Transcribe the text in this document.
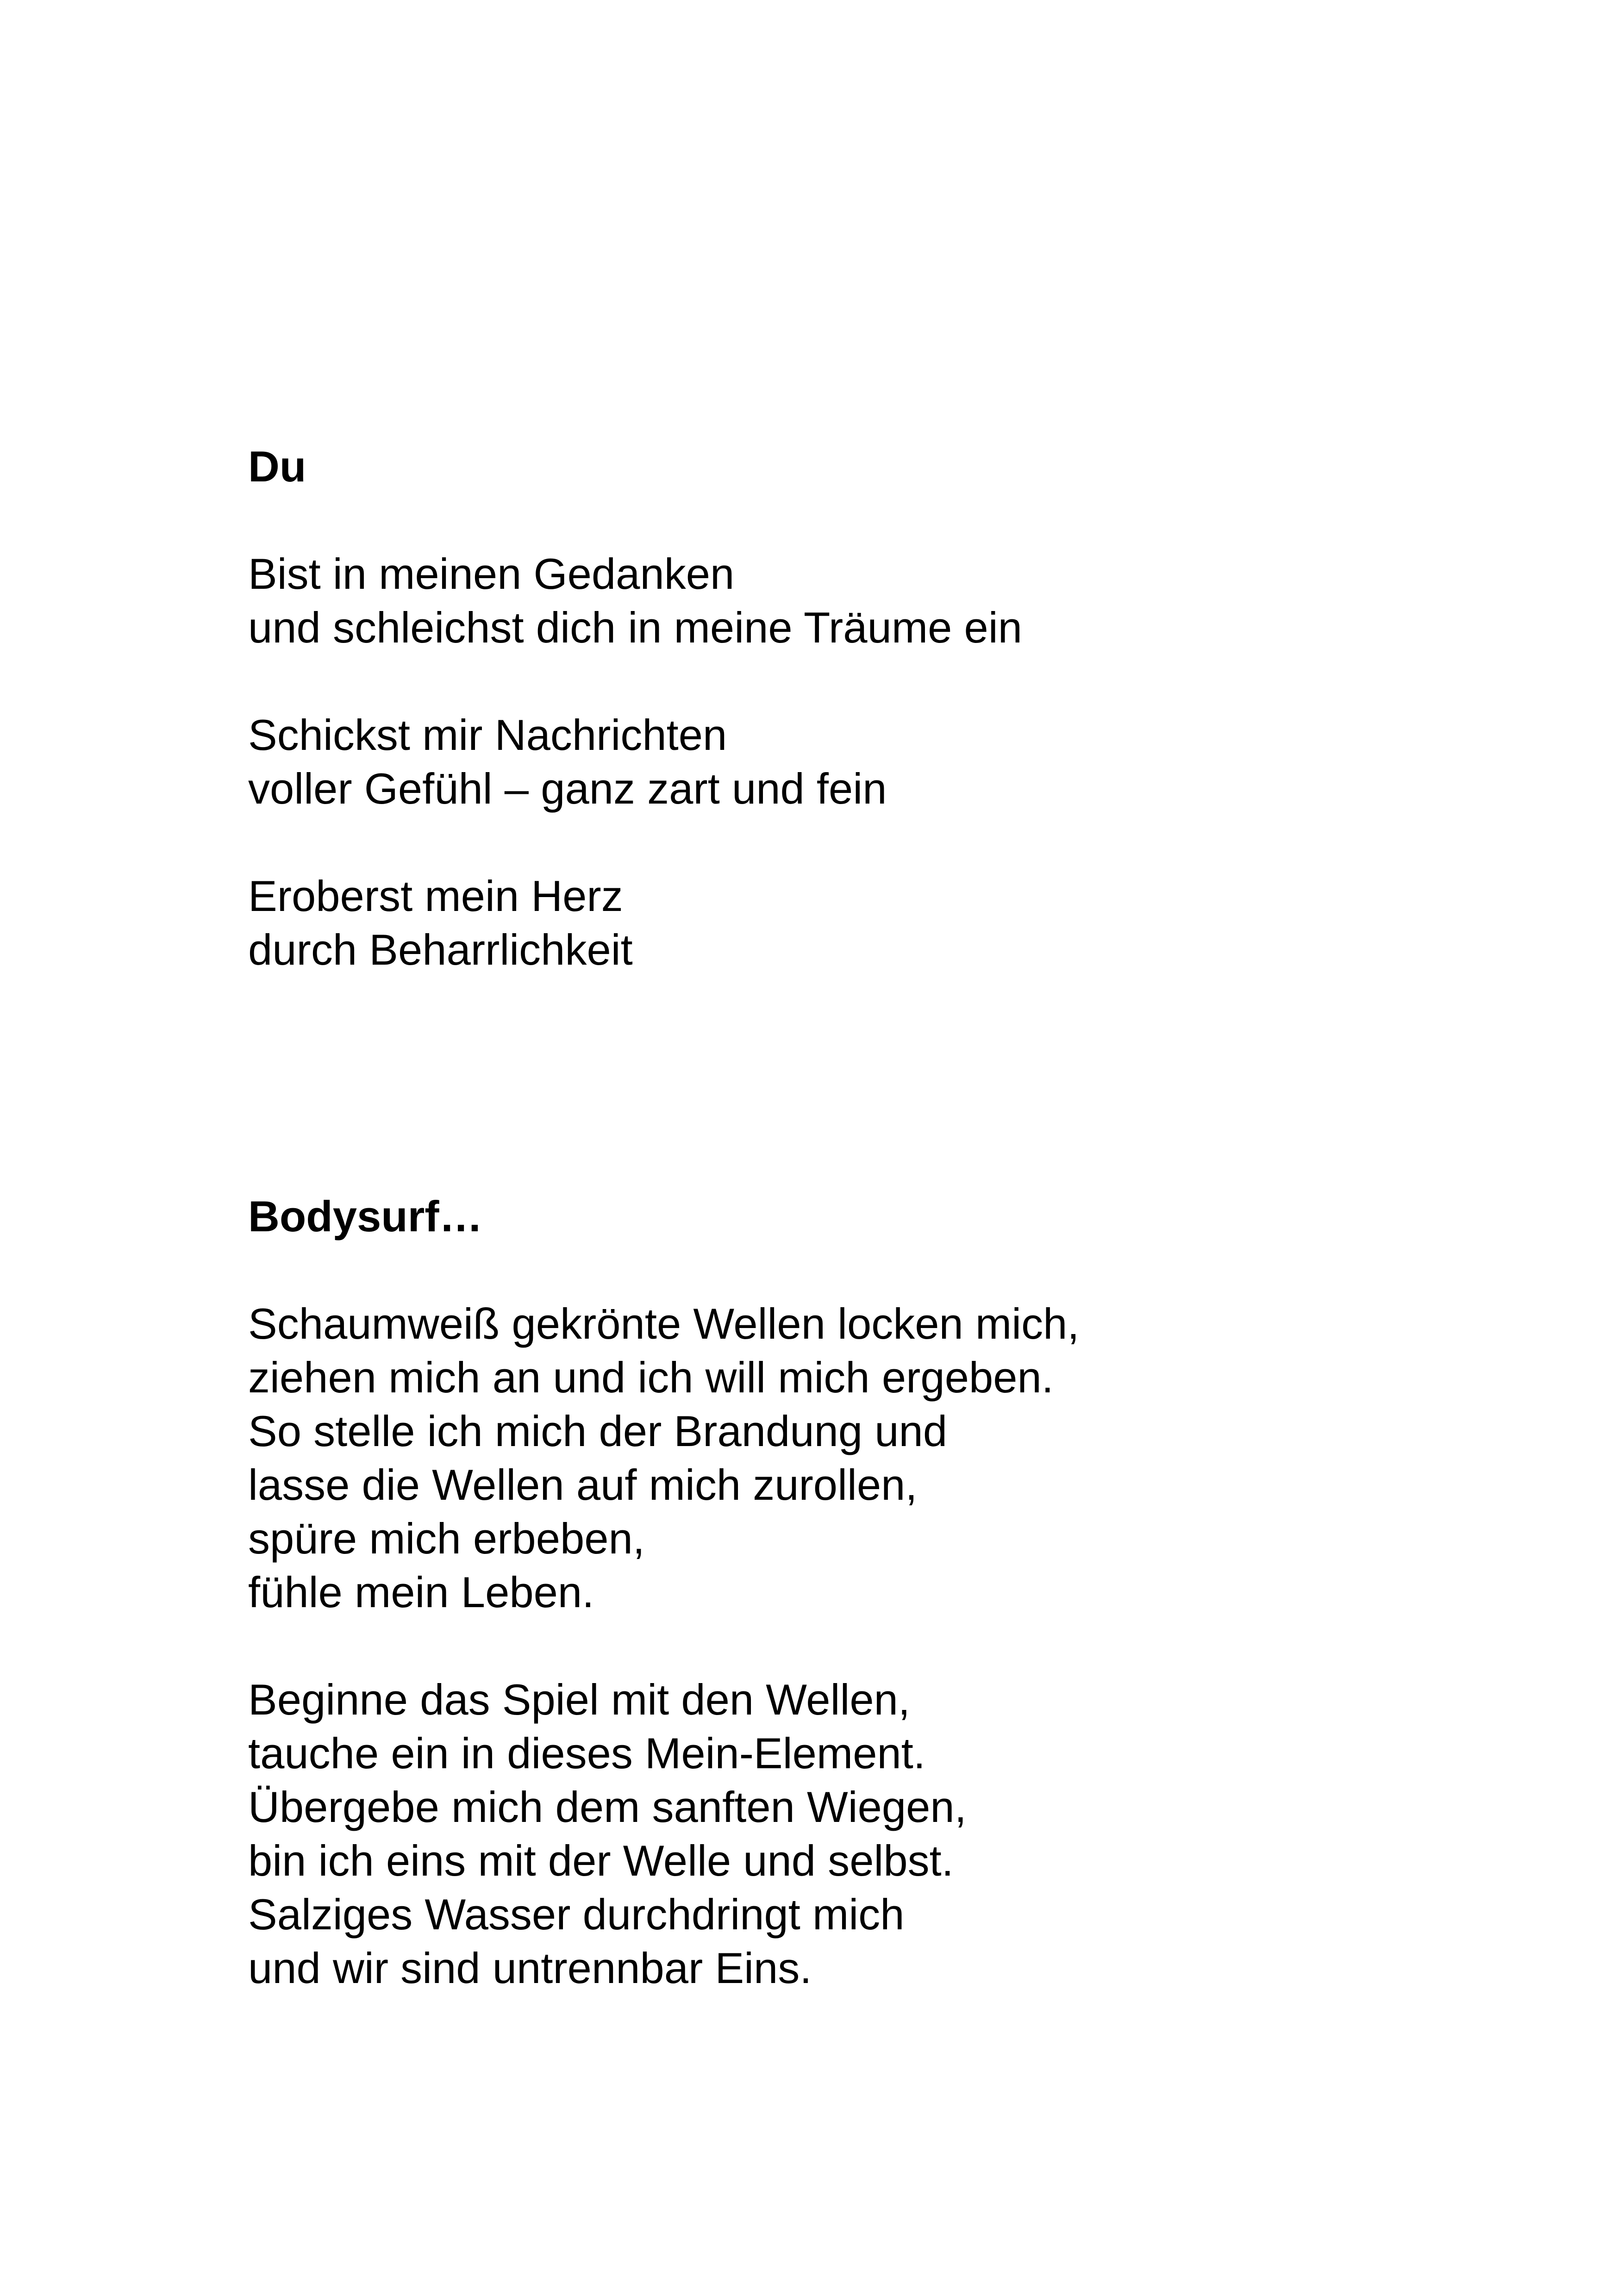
Du
Bist in meinen Gedanken
und schleichst dich in meine Träume ein
Schickst mir Nachrichten
voller Gefühl – ganz zart und fein
Eroberst mein Herz
durch Beharrlichkeit
Bodysurf…
Schaumweiß gekrönte Wellen locken mich,
ziehen mich an und ich will mich ergeben.
So stelle ich mich der Brandung und
lasse die Wellen auf mich zurollen,
spüre mich erbeben,
fühle mein Leben.
Beginne das Spiel mit den Wellen,
tauche ein in dieses Mein-Element.
Übergebe mich dem sanften Wiegen,
bin ich eins mit der Welle und selbst.
Salziges Wasser durchdringt mich
und wir sind untrennbar Eins.
